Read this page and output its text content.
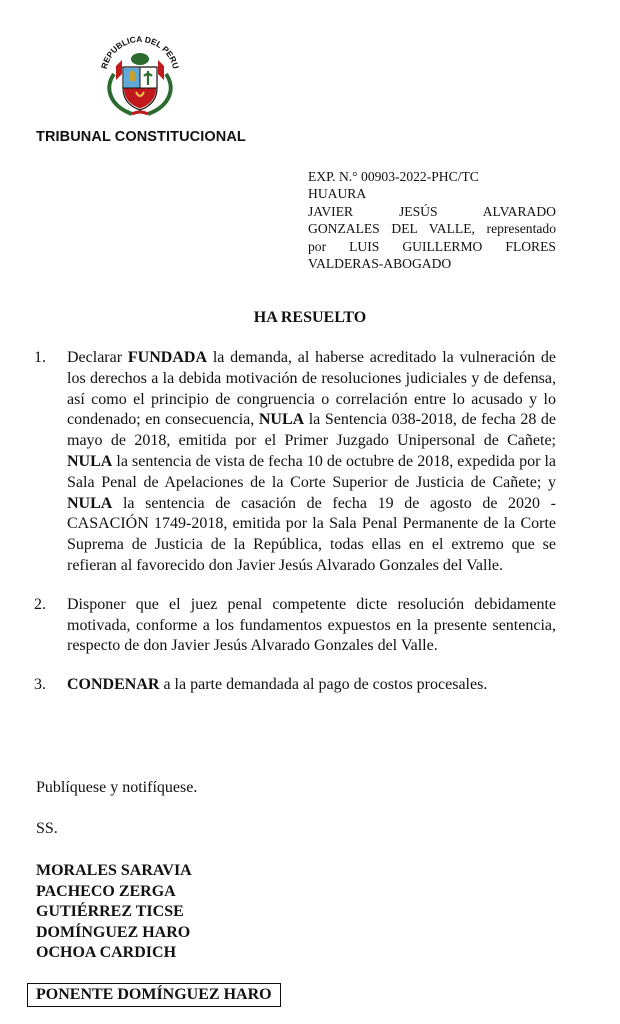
REPUBLICA DEL PERU
TRIBUNAL CONSTITUCIONAL
EXP. N.° 00903-2022-PHC/TC
HUAURA
JAVIER JESÚS ALVARADO
GONZALES DEL VALLE, representado
por LUIS GUILLERMO FLORES
VALDERAS-ABOGADO
HA RESUELTO
1. Declarar FUNDADA la demanda, al haberse acreditado la vulneración de los derechos a la debida motivación de resoluciones judiciales y de defensa, así como el principio de congruencia o correlación entre lo acusado y lo condenado; en consecuencia, NULA la Sentencia 038-2018, de fecha 28 de mayo de 2018, emitida por el Primer Juzgado Unipersonal de Cañete; NULA la sentencia de vista de fecha 10 de octubre de 2018, expedida por la Sala Penal de Apelaciones de la Corte Superior de Justicia de Cañete; y NULA la sentencia de casación de fecha 19 de agosto de 2020 - CASACIÓN 1749-2018, emitida por la Sala Penal Permanente de la Corte Suprema de Justicia de la República, todas ellas en el extremo que se refieran al favorecido don Javier Jesús Alvarado Gonzales del Valle.
2. Disponer que el juez penal competente dicte resolución debidamente motivada, conforme a los fundamentos expuestos en la presente sentencia, respecto de don Javier Jesús Alvarado Gonzales del Valle.
3. CONDENAR a la parte demandada al pago de costos procesales.
Publíquese y notifíquese.
SS.
MORALES SARAVIA
PACHECO ZERGA
GUTIÉRREZ TICSE
DOMÍNGUEZ HARO
OCHOA CARDICH
PONENTE DOMÍNGUEZ HARO
